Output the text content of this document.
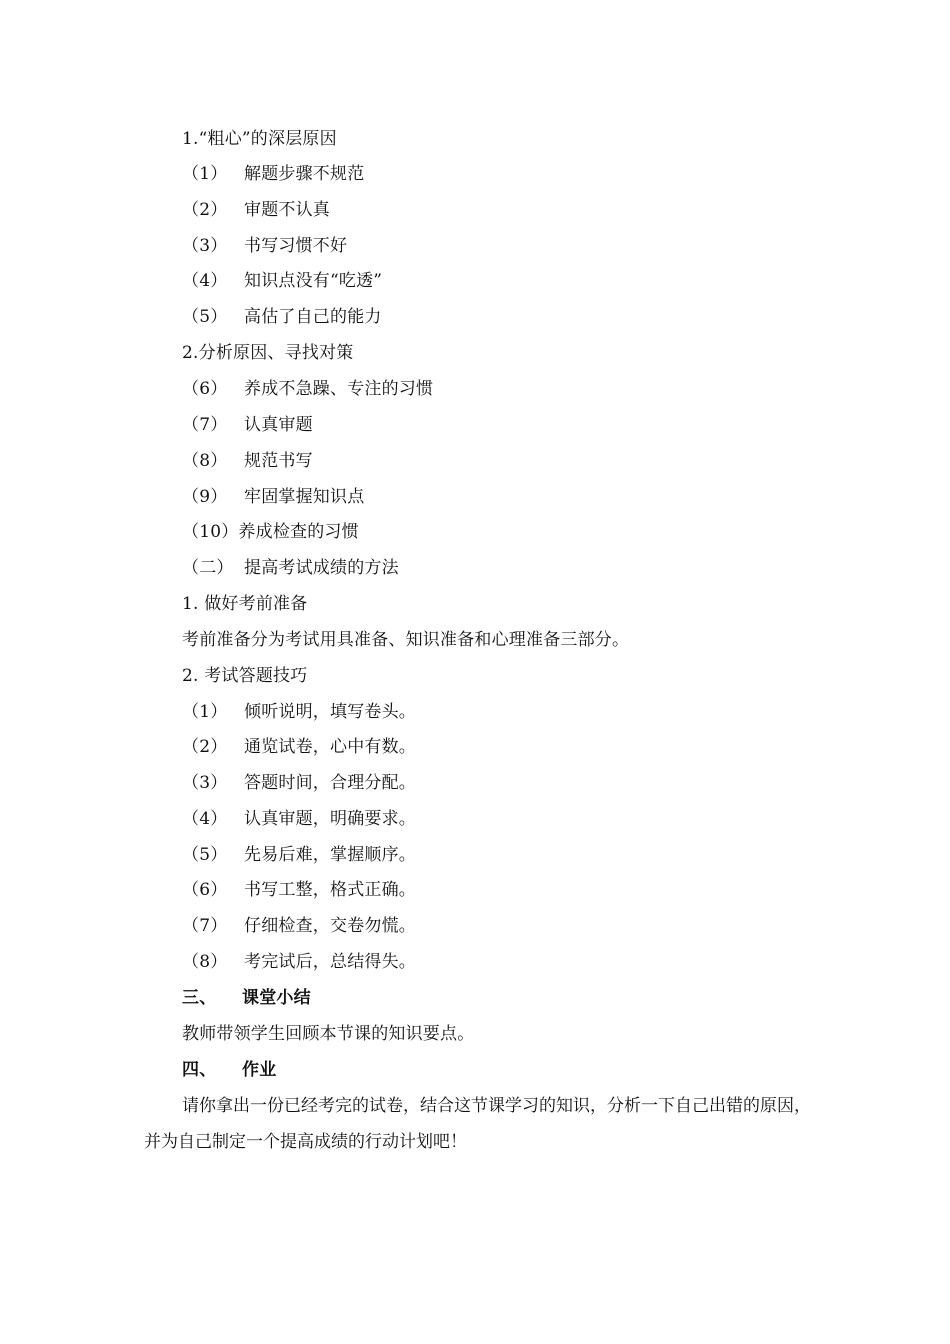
1.“粗心”的深层原因
（1） 解题步骤不规范
（2） 审题不认真
（3） 书写习惯不好
（4） 知识点没有“吃透”
（5） 高估了自己的能力
2.分析原因、寻找对策
（6） 养成不急躁、专注的习惯
（7） 认真审题
（8） 规范书写
（9） 牢固掌握知识点
（10）养成检查的习惯
（二） 提高考试成绩的方法
1. 做好考前准备
考前准备分为考试用具准备、知识准备和心理准备三部分。
2. 考试答题技巧
（1） 倾听说明，填写卷头。
（2） 通览试卷，心中有数。
（3） 答题时间，合理分配。
（4） 认真审题，明确要求。
（5） 先易后难，掌握顺序。
（6） 书写工整，格式正确。
（7） 仔细检查，交卷勿慌。
（8） 考完试后，总结得失。
三、 课堂小结
教师带领学生回顾本节课的知识要点。
四、 作业
请你拿出一份已经考完的试卷，结合这节课学习的知识，分析一下自己出错的原因，并为自己制定一个提高成绩的行动计划吧！
